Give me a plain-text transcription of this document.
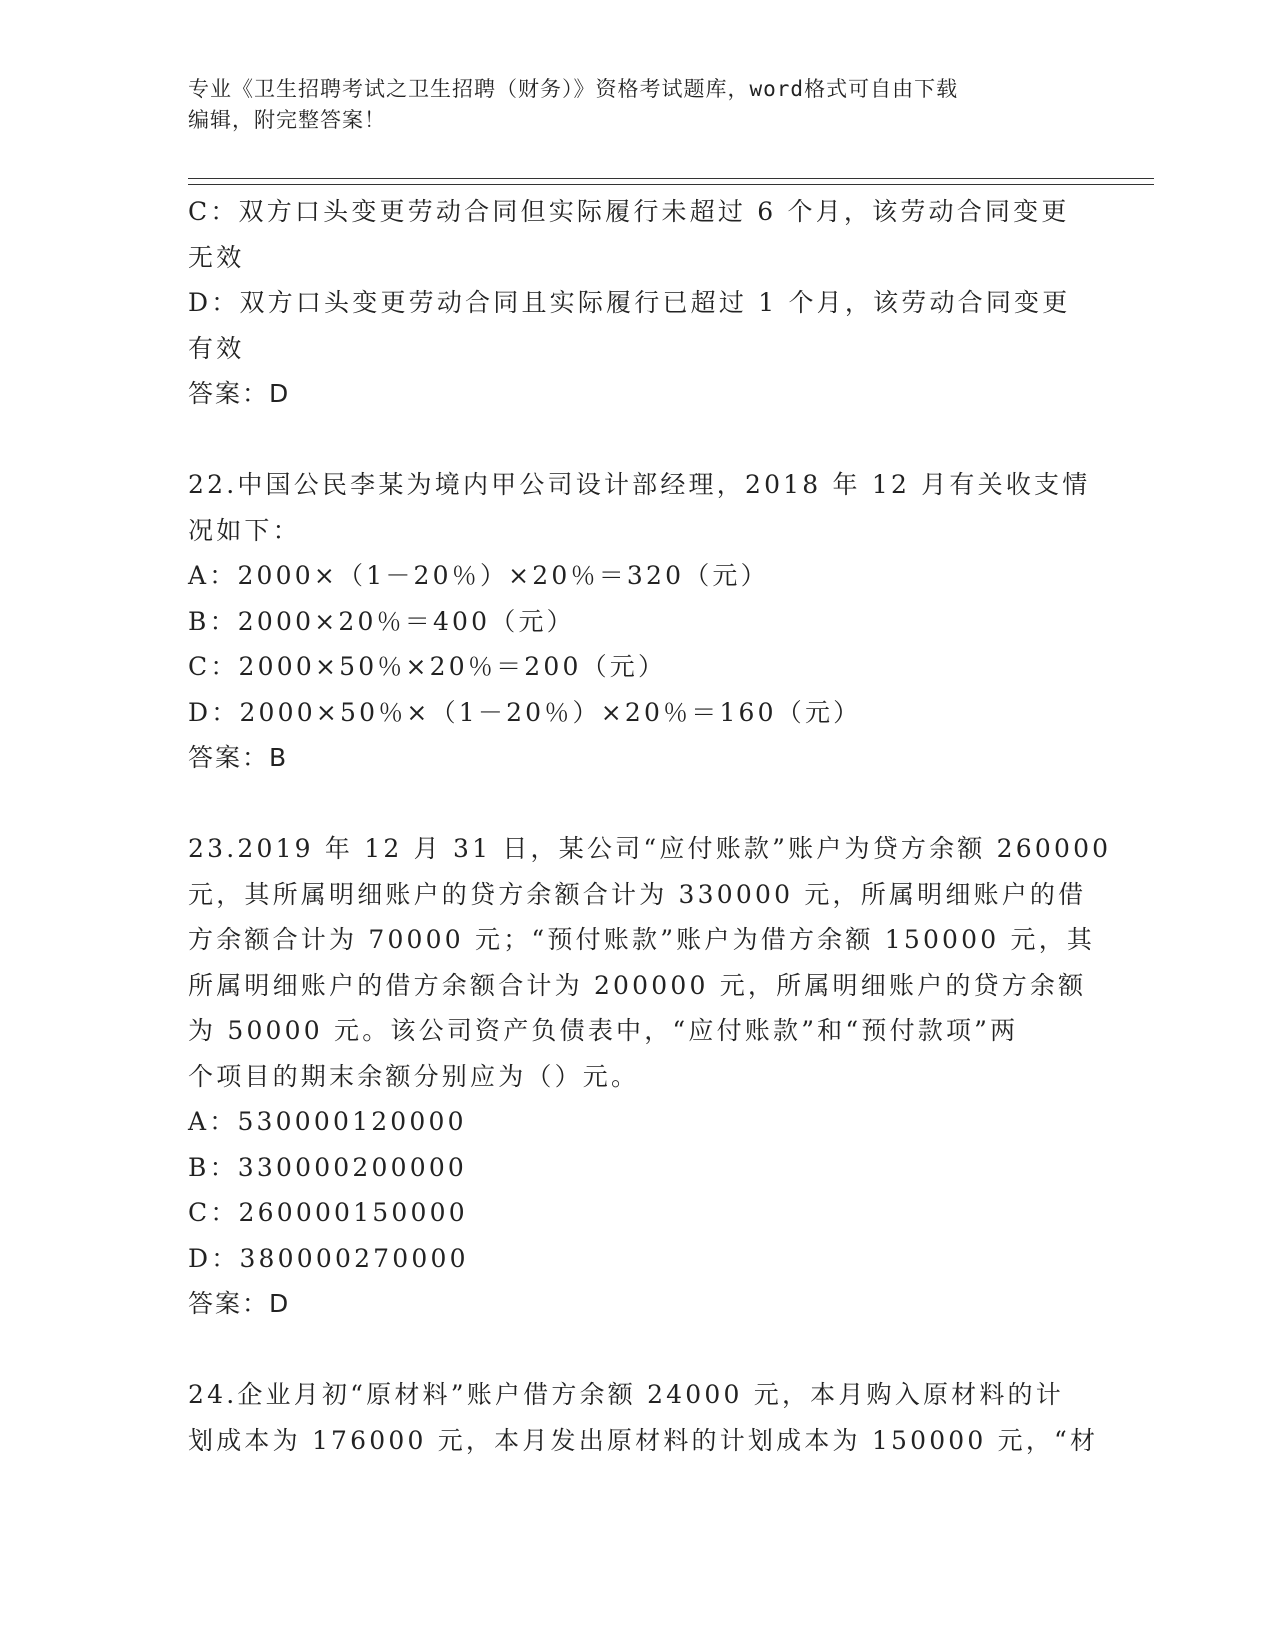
专业《卫生招聘考试之卫生招聘（财务）》资格考试题库，word格式可自由下载
编辑，附完整答案！
C：双方口头变更劳动合同但实际履行未超过 6 个月，该劳动合同变更
无效
D：双方口头变更劳动合同且实际履行已超过 1 个月，该劳动合同变更
有效
答案：D
22.中国公民李某为境内甲公司设计部经理，2018 年 12 月有关收支情
况如下：
A：2000×（1－20％）×20％＝320（元）
B：2000×20％＝400（元）
C：2000×50％×20％＝200（元）
D：2000×50％×（1－20％）×20％＝160（元）
答案：B
23.2019 年 12 月 31 日，某公司“应付账款”账户为贷方余额 260000
元，其所属明细账户的贷方余额合计为 330000 元，所属明细账户的借
方余额合计为 70000 元；“预付账款”账户为借方余额 150000 元，其
所属明细账户的借方余额合计为 200000 元，所属明细账户的贷方余额
为 50000 元。该公司资产负债表中，“应付账款”和“预付款项”两
个项目的期末余额分别应为（）元。
A：530000120000
B：330000200000
C：260000150000
D：380000270000
答案：D
24.企业月初“原材料”账户借方余额 24000 元，本月购入原材料的计
划成本为 176000 元，本月发出原材料的计划成本为 150000 元，“材
